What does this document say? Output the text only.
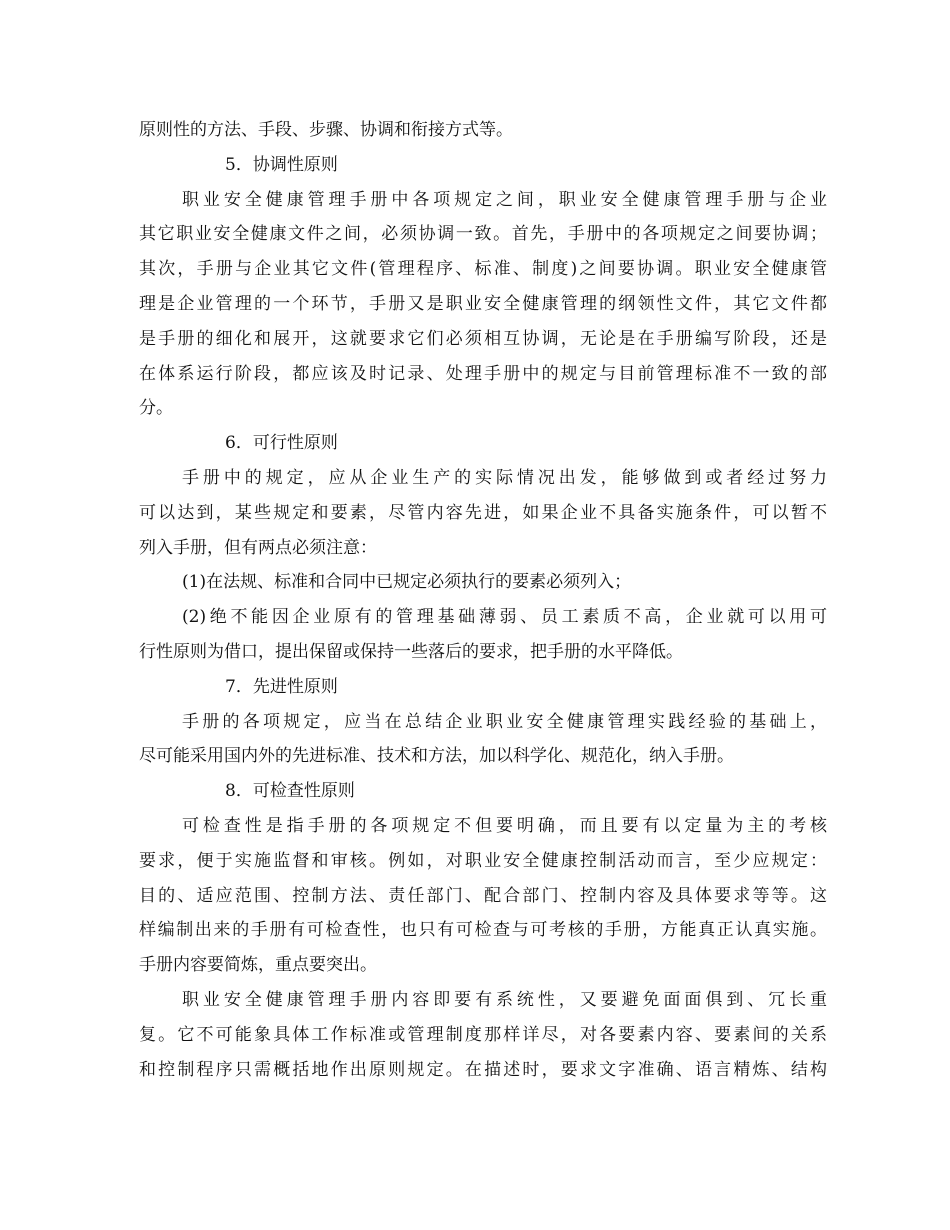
原则性的方法、手段、步骤、协调和衔接方式等。
5．协调性原则
职业安全健康管理手册中各项规定之间，职业安全健康管理手册与企业
其它职业安全健康文件之间，必须协调一致。首先，手册中的各项规定之间要协调；
其次，手册与企业其它文件(管理程序、标准、制度)之间要协调。职业安全健康管
理是企业管理的一个环节，手册又是职业安全健康管理的纲领性文件，其它文件都
是手册的细化和展开，这就要求它们必须相互协调，无论是在手册编写阶段，还是
在体系运行阶段，都应该及时记录、处理手册中的规定与目前管理标准不一致的部
分。
6．可行性原则
手册中的规定，应从企业生产的实际情况出发，能够做到或者经过努力
可以达到，某些规定和要素，尽管内容先进，如果企业不具备实施条件，可以暂不
列入手册，但有两点必须注意：
(1)在法规、标准和合同中已规定必须执行的要素必须列入；
(2)绝不能因企业原有的管理基础薄弱、员工素质不高，企业就可以用可
行性原则为借口，提出保留或保持一些落后的要求，把手册的水平降低。
7．先进性原则
手册的各项规定，应当在总结企业职业安全健康管理实践经验的基础上，
尽可能采用国内外的先进标准、技术和方法，加以科学化、规范化，纳入手册。
8．可检查性原则
可检查性是指手册的各项规定不但要明确，而且要有以定量为主的考核
要求，便于实施监督和审核。例如，对职业安全健康控制活动而言，至少应规定：
目的、适应范围、控制方法、责任部门、配合部门、控制内容及具体要求等等。这
样编制出来的手册有可检查性，也只有可检查与可考核的手册，方能真正认真实施。
手册内容要简炼，重点要突出。
职业安全健康管理手册内容即要有系统性，又要避免面面俱到、冗长重
复。它不可能象具体工作标准或管理制度那样详尽，对各要素内容、要素间的关系
和控制程序只需概括地作出原则规定。在描述时，要求文字准确、语言精炼、结构
